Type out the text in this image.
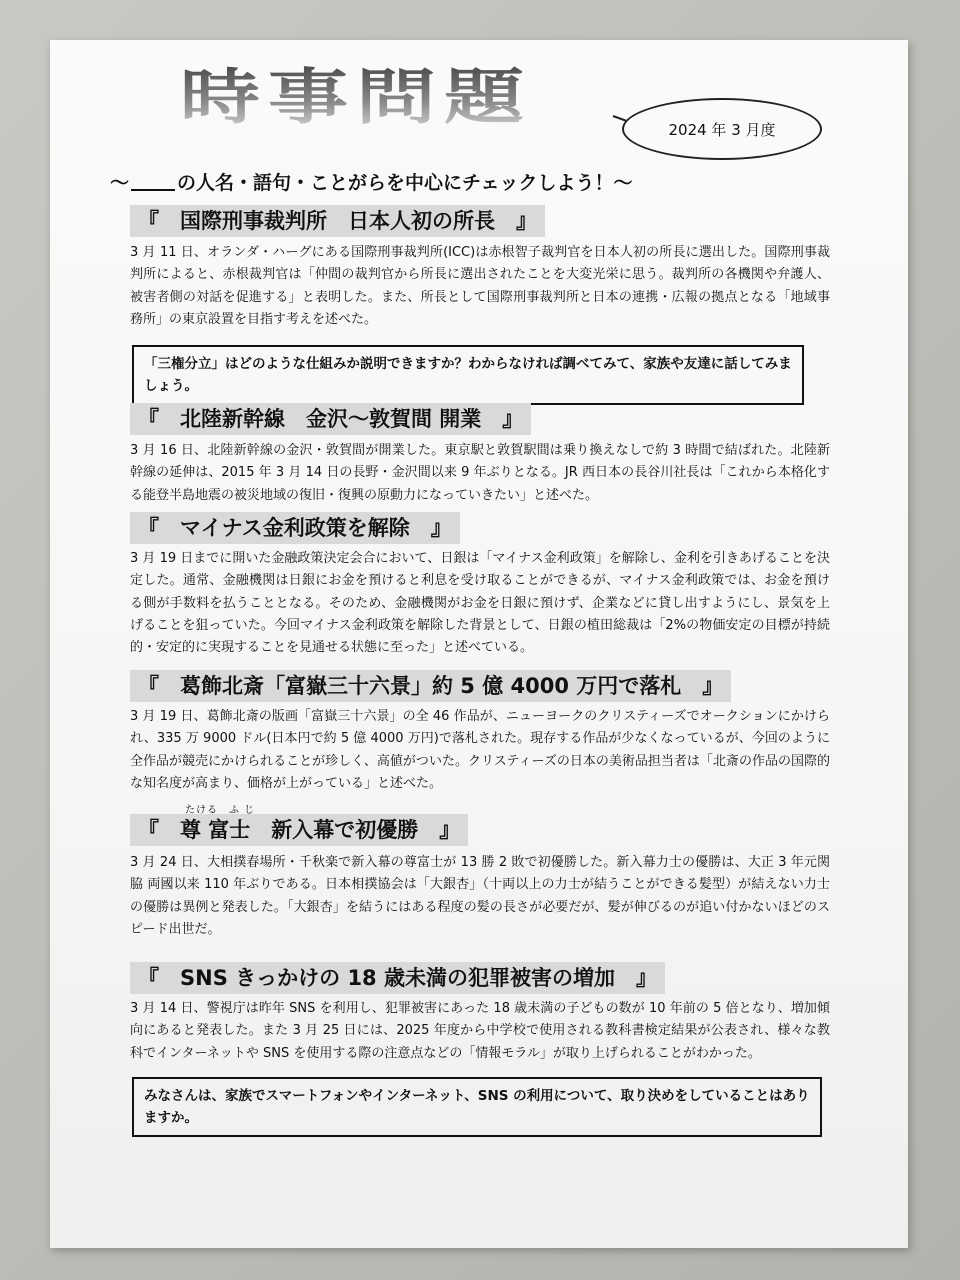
時事問題	2024 年 3 月度
〜	の人名・語句・ことがらを中心にチェックしよう！〜
『　国際刑事裁判所　日本人初の所長　』
3 月 11 日、オランダ・ハーグにある国際刑事裁判所(ICC)は赤根智子裁判官を日本人初の所長に選出した。国際刑事裁判所によると、赤根裁判官は「仲間の裁判官から所長に選出されたことを大変光栄に思う。裁判所の各機関や弁護人、被害者側の対話を促進する」と表明した。また、所長として国際刑事裁判所と日本の連携・広報の拠点となる「地域事務所」の東京設置を目指す考えを述べた。
「三権分立」はどのような仕組みか説明できますか？わからなければ調べてみて、家族や友達に話してみましょう。
『　北陸新幹線　金沢〜敦賀間 開業　』
3 月 16 日、北陸新幹線の金沢・敦賀間が開業した。東京駅と敦賀駅間は乗り換えなしで約 3 時間で結ばれた。北陸新幹線の延伸は、2015 年 3 月 14 日の長野・金沢間以来 9 年ぶりとなる。JR 西日本の長谷川社長は「これから本格化する能登半島地震の被災地域の復旧・復興の原動力になっていきたい」と述べた。
『　マイナス金利政策を解除　』
3 月 19 日までに開いた金融政策決定会合において、日銀は「マイナス金利政策」を解除し、金利を引きあげることを決定した。通常、金融機関は日銀にお金を預けると利息を受け取ることができるが、マイナス金利政策では、お金を預ける側が手数料を払うこととなる。そのため、金融機関がお金を日銀に預けず、企業などに貸し出すようにし、景気を上げることを狙っていた。今回マイナス金利政策を解除した背景として、日銀の植田総裁は「2%の物価安定の目標が持続的・安定的に実現することを見通せる状態に至った」と述べている。
『　葛飾北斎「富嶽三十六景」約 5 億 4000 万円で落札　』
3 月 19 日、葛飾北斎の版画「富嶽三十六景」の全 46 作品が、ニューヨークのクリスティーズでオークションにかけられ、335 万 9000 ドル(日本円で約 5 億 4000 万円)で落札された。現存する作品が少なくなっているが、今回のように全作品が競売にかけられることが珍しく、高値がついた。クリスティーズの日本の美術品担当者は「北斎の作品の国際的な知名度が高まり、価格が上がっている」と述べた。
『　尊 富士　新入幕で初優勝　』
たける　ふ じ
3 月 24 日、大相撲春場所・千秋楽で新入幕の尊富士が 13 勝 2 敗で初優勝した。新入幕力士の優勝は、大正 3 年元関脇 両國以来 110 年ぶりである。日本相撲協会は「大銀杏」（十両以上の力士が結うことができる髪型）が結えない力士の優勝は異例と発表した。「大銀杏」を結うにはある程度の髪の長さが必要だが、髪が伸びるのが追い付かないほどのスピード出世だ。
『　SNS きっかけの 18 歳未満の犯罪被害の増加　』
3 月 14 日、警視庁は昨年 SNS を利用し、犯罪被害にあった 18 歳未満の子どもの数が 10 年前の 5 倍となり、増加傾向にあると発表した。また 3 月 25 日には、2025 年度から中学校で使用される教科書検定結果が公表され、様々な教科でインターネットや SNS を使用する際の注意点などの「情報モラル」が取り上げられることがわかった。
みなさんは、家族でスマートフォンやインターネット、SNS の利用について、取り決めをしていることはありますか。
